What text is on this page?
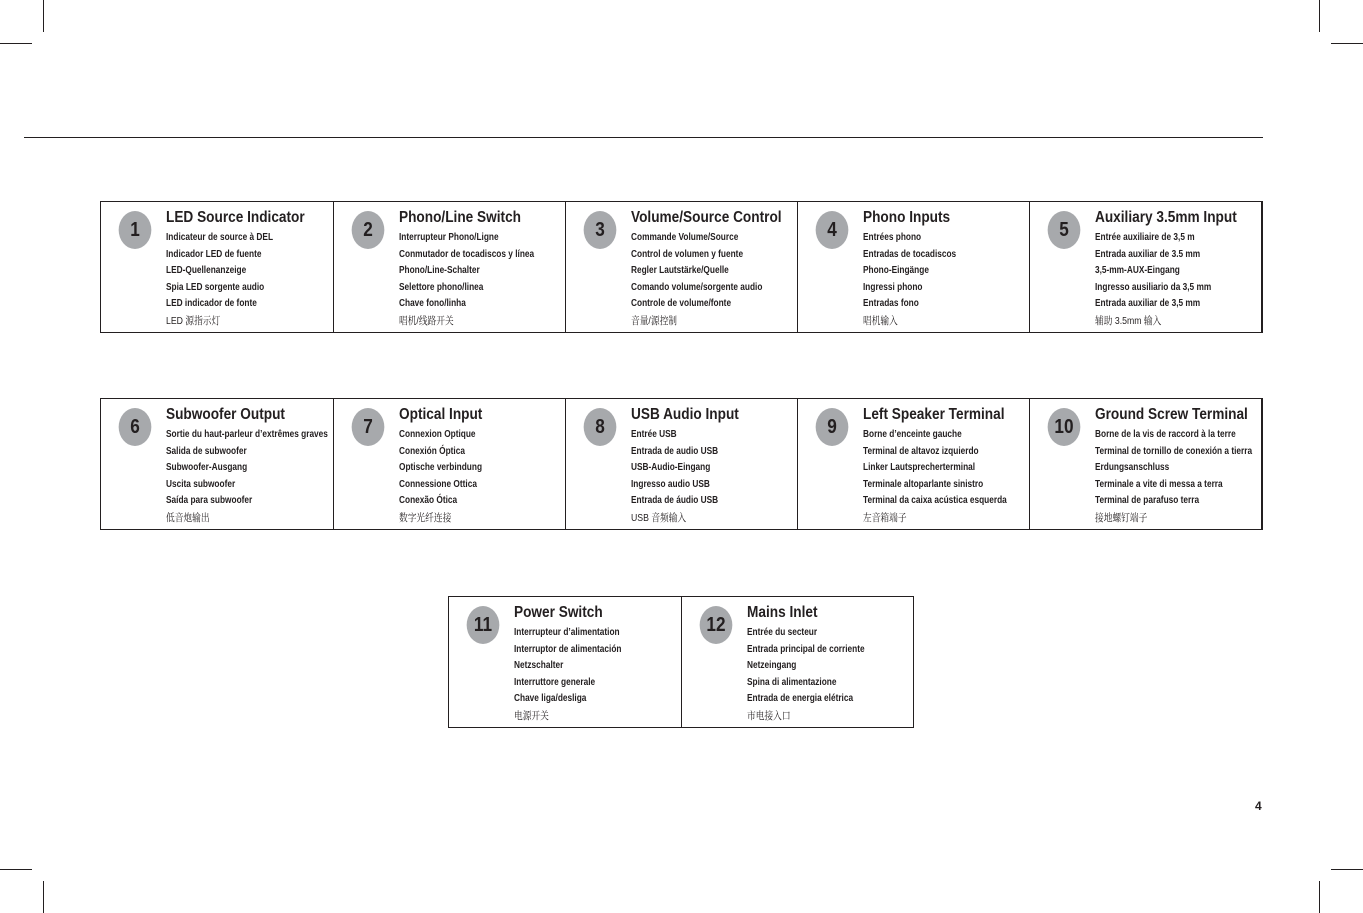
1
LED Source Indicator
Indicateur de source à DEL
Indicador LED de fuente
LED-Quellenanzeige
Spia LED sorgente audio
LED indicador de fonte
LED 源指示灯
2
Phono/Line Switch
Interrupteur Phono/Ligne
Conmutador de tocadiscos y línea
Phono/Line-Schalter
Selettore phono/linea
Chave fono/linha
唱机/线路开关
3
Volume/Source Control
Commande Volume/Source
Control de volumen y fuente
Regler Lautstärke/Quelle
Comando volume/sorgente audio
Controle de volume/fonte
音量/源控制
4
Phono Inputs
Entrées phono
Entradas de tocadiscos
Phono-Eingänge
Ingressi phono
Entradas fono
唱机输入
5
Auxiliary 3.5mm Input
Entrée auxiliaire de 3,5 m
Entrada auxiliar de 3.5 mm
3,5-mm-AUX-Eingang
Ingresso ausiliario da 3,5 mm
Entrada auxiliar de 3,5 mm
辅助 3.5mm 输入
6
Subwoofer Output
Sortie du haut-parleur d’extrêmes graves
Salida de subwoofer
Subwoofer-Ausgang
Uscita subwoofer
Saída para subwoofer
低音炮输出
7
Optical Input
Connexion Optique
Conexión Óptica
Optische verbindung
Connessione Ottica
Conexão Ótica
数字光纤连接
8
USB Audio Input
Entrée USB
Entrada de audio USB
USB-Audio-Eingang
Ingresso audio USB
Entrada de áudio USB
USB 音频输入
9
Left Speaker Terminal
Borne d’enceinte gauche
Terminal de altavoz izquierdo
Linker Lautsprecherterminal
Terminale altoparlante sinistro
Terminal da caixa acústica esquerda
左音箱端子
10
Ground Screw Terminal
Borne de la vis de raccord à la terre
Terminal de tornillo de conexión a tierra
Erdungsanschluss
Terminale a vite di messa a terra
Terminal de parafuso terra
接地螺钉端子
11
Power Switch
Interrupteur d’alimentation
Interruptor de alimentación
Netzschalter
Interruttore generale
Chave liga/desliga
电源开关
12
Mains Inlet
Entrée du secteur
Entrada principal de corriente
Netzeingang
Spina di alimentazione
Entrada de energia elétrica
市电接入口
4
